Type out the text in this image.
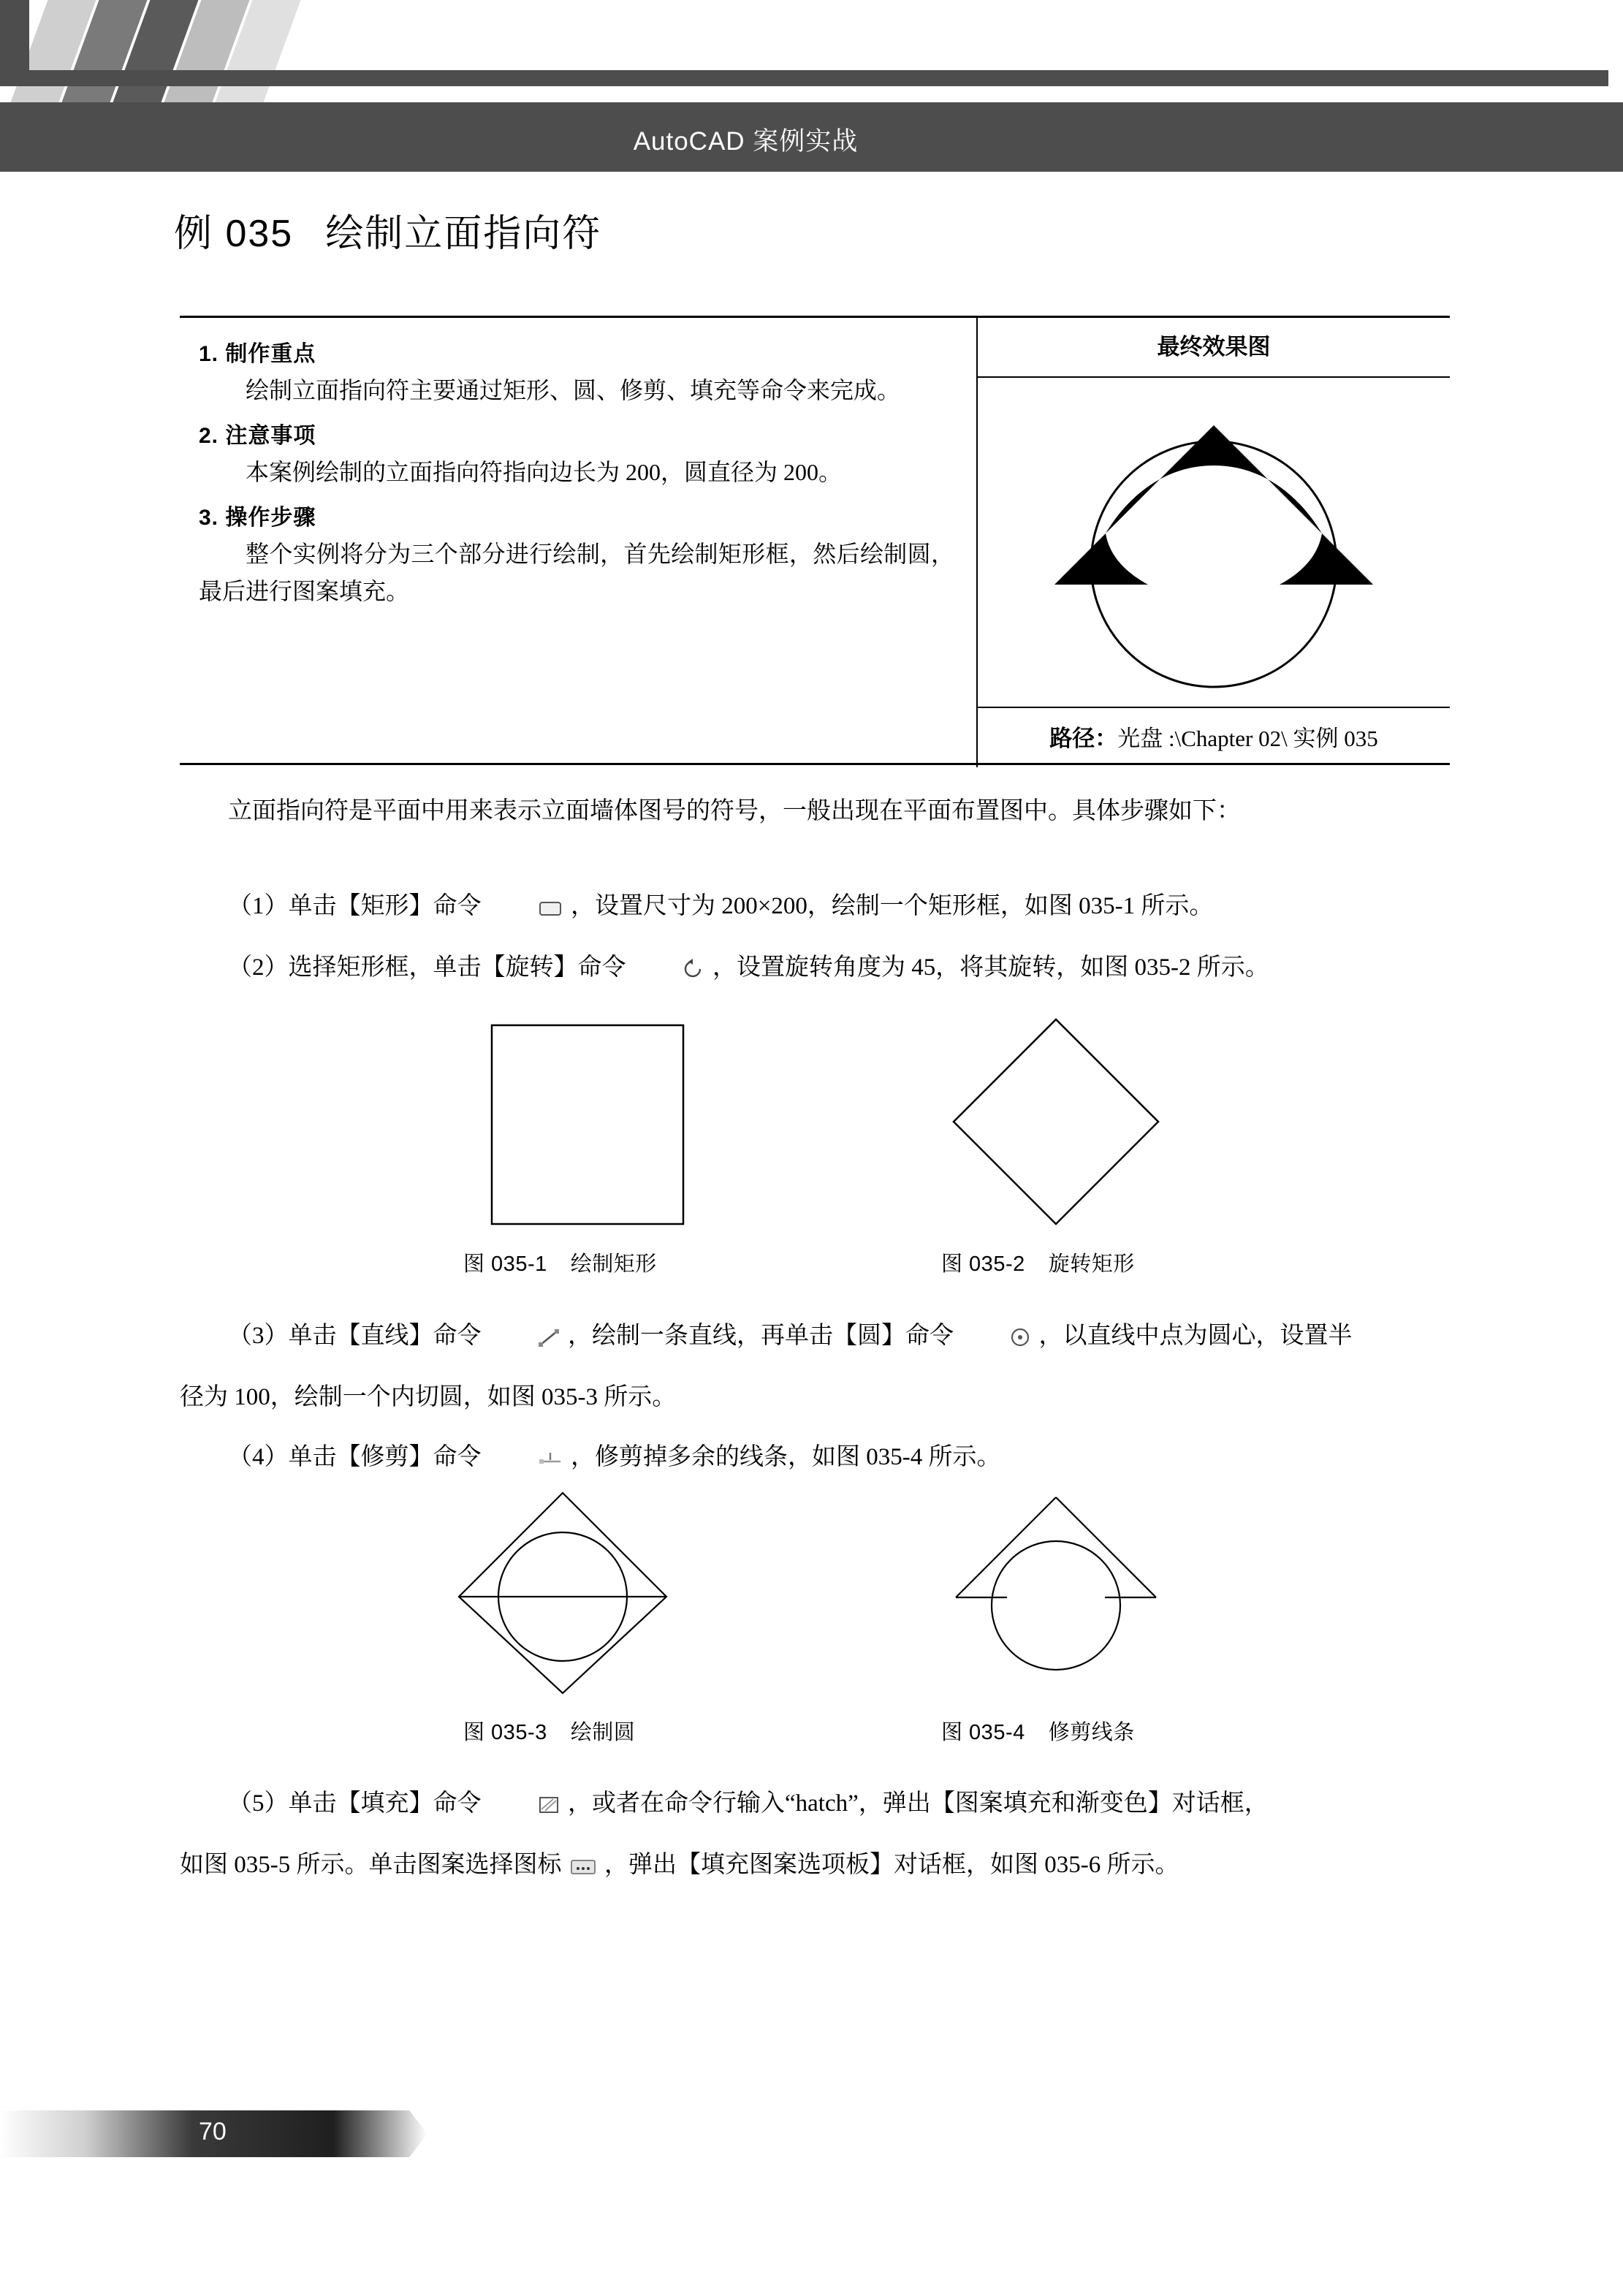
AutoCAD 案例实战
例 035 绘制立面指向符
1. 制作重点
绘制立面指向符主要通过矩形、圆、修剪、填充等命令来完成。
2. 注意事项
本案例绘制的立面指向符指向边长为 200，圆直径为 200。
3. 操作步骤
整个实例将分为三个部分进行绘制，首先绘制矩形框，然后绘制圆，最后进行图案填充。
最终效果图
路径：光盘 :\Chapter 02\ 实例 035
立面指向符是平面中用来表示立面墙体图号的符号，一般出现在平面布置图中。具体步骤如下：
（1）单击【矩形】命令	，设置尺寸为 200×200，绘制一个矩形框，如图 035-1 所示。
（2）选择矩形框，单击【旋转】命令	，设置旋转角度为 45，将其旋转，如图 035-2 所示。
图 035-1 绘制矩形	图 035-2 旋转矩形
（3）单击【直线】命令	，绘制一条直线，再单击【圆】命令	，以直线中点为圆心，设置半
径为 100，绘制一个内切圆，如图 035-3 所示。
（4）单击【修剪】命令	，修剪掉多余的线条，如图 035-4 所示。
图 035-3 绘制圆	图 035-4 修剪线条
（5）单击【填充】命令	，或者在命令行输入“hatch”，弹出【图案填充和渐变色】对话框，
如图 035-5 所示。单击图案选择图标 ，弹出【填充图案选项板】对话框，如图 035-6 所示。
70
